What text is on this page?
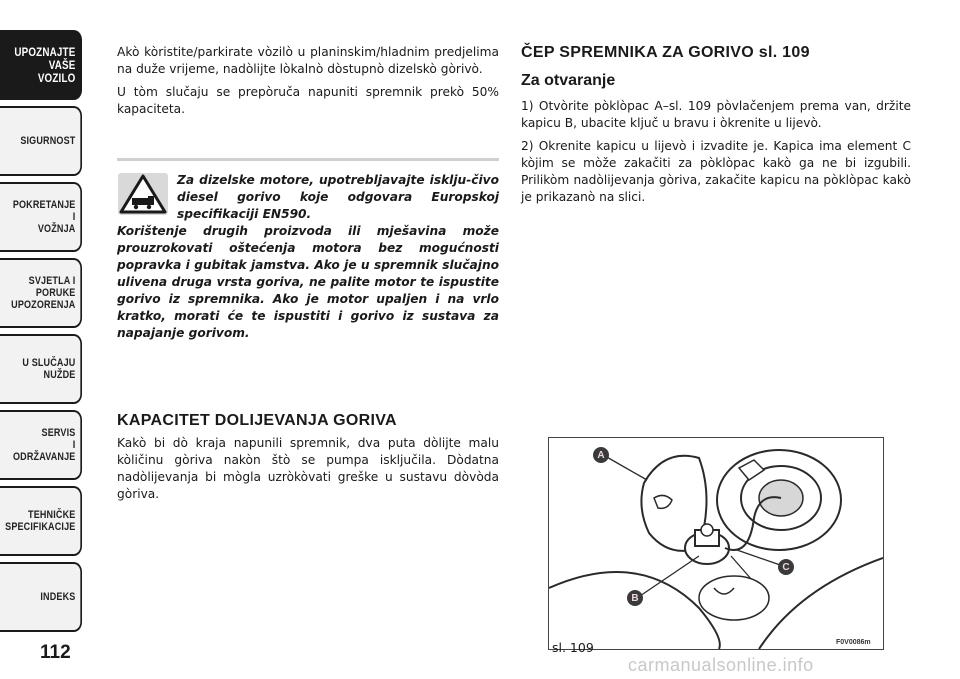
UPOZNAJTE
VAŠE
VOZILO
SIGURNOST
POKRETANJE
I
VOŽNJA
SVJETLA I
PORUKE
UPOZORENJA
U SLUČAJU
NUŽDE
SERVIS
I
ODRŽAVANJE
TEHNIČKE
SPECIFIKACIJE
INDEKS
112

Akò kòristite/parkirate vòzilò u planinskim/hladnim predjelima na duže vrijeme, nadòlijte lòkalnò dòstupnò dizelskò gòrivò.

U tòm slučaju se prepòruča napuniti spremnik prekò 50% kapaciteta.

Za dizelske motore, upotrebljavajte isklju-čivo diesel gorivo koje odgovara Europskoj specifikaciji EN590.
Korištenje drugih proizvoda ili mješavina može prouzrokovati oštećenja motora bez mogućnosti popravka i gubitak jamstva. Ako je u spremnik slučajno ulivena druga vrsta goriva, ne palite motor te ispustite gorivo iz spremnika. Ako je motor upaljen i na vrlo kratko, morati će te ispustiti i gorivo iz sustava za napajanje gorivom.
KAPACITET DOLIJEVANJA GORIVA

Kakò bi dò kraja napunili spremnik, dva puta dòlijte malu kòličinu gòriva nakòn štò se pumpa isključila. Dòdatna nadòlijevanja bi mògla uzròkòvati greške u sustavu dòvòda gòriva.

ČEP SPREMNIKA ZA GORIVO sl. 109
Za otvaranje

1) Otvòrite pòklòpac A–sl. 109 pòvlačenjem prema van, držite kapicu B, ubacite ključ u bravu i òkrenite u lijevò.

2) Okrenite kapicu u lijevò i izvadite je. Kapica ima element C kòjim se mòže zakačiti za pòklòpac kakò ga ne bi izgubili. Prilikòm nadòlijevanja gòriva, zakačite kapicu na pòklòpac kakò je prikazanò na slici.

A
B
C
sl. 109	F0V0086m
carmanualsonline.info
